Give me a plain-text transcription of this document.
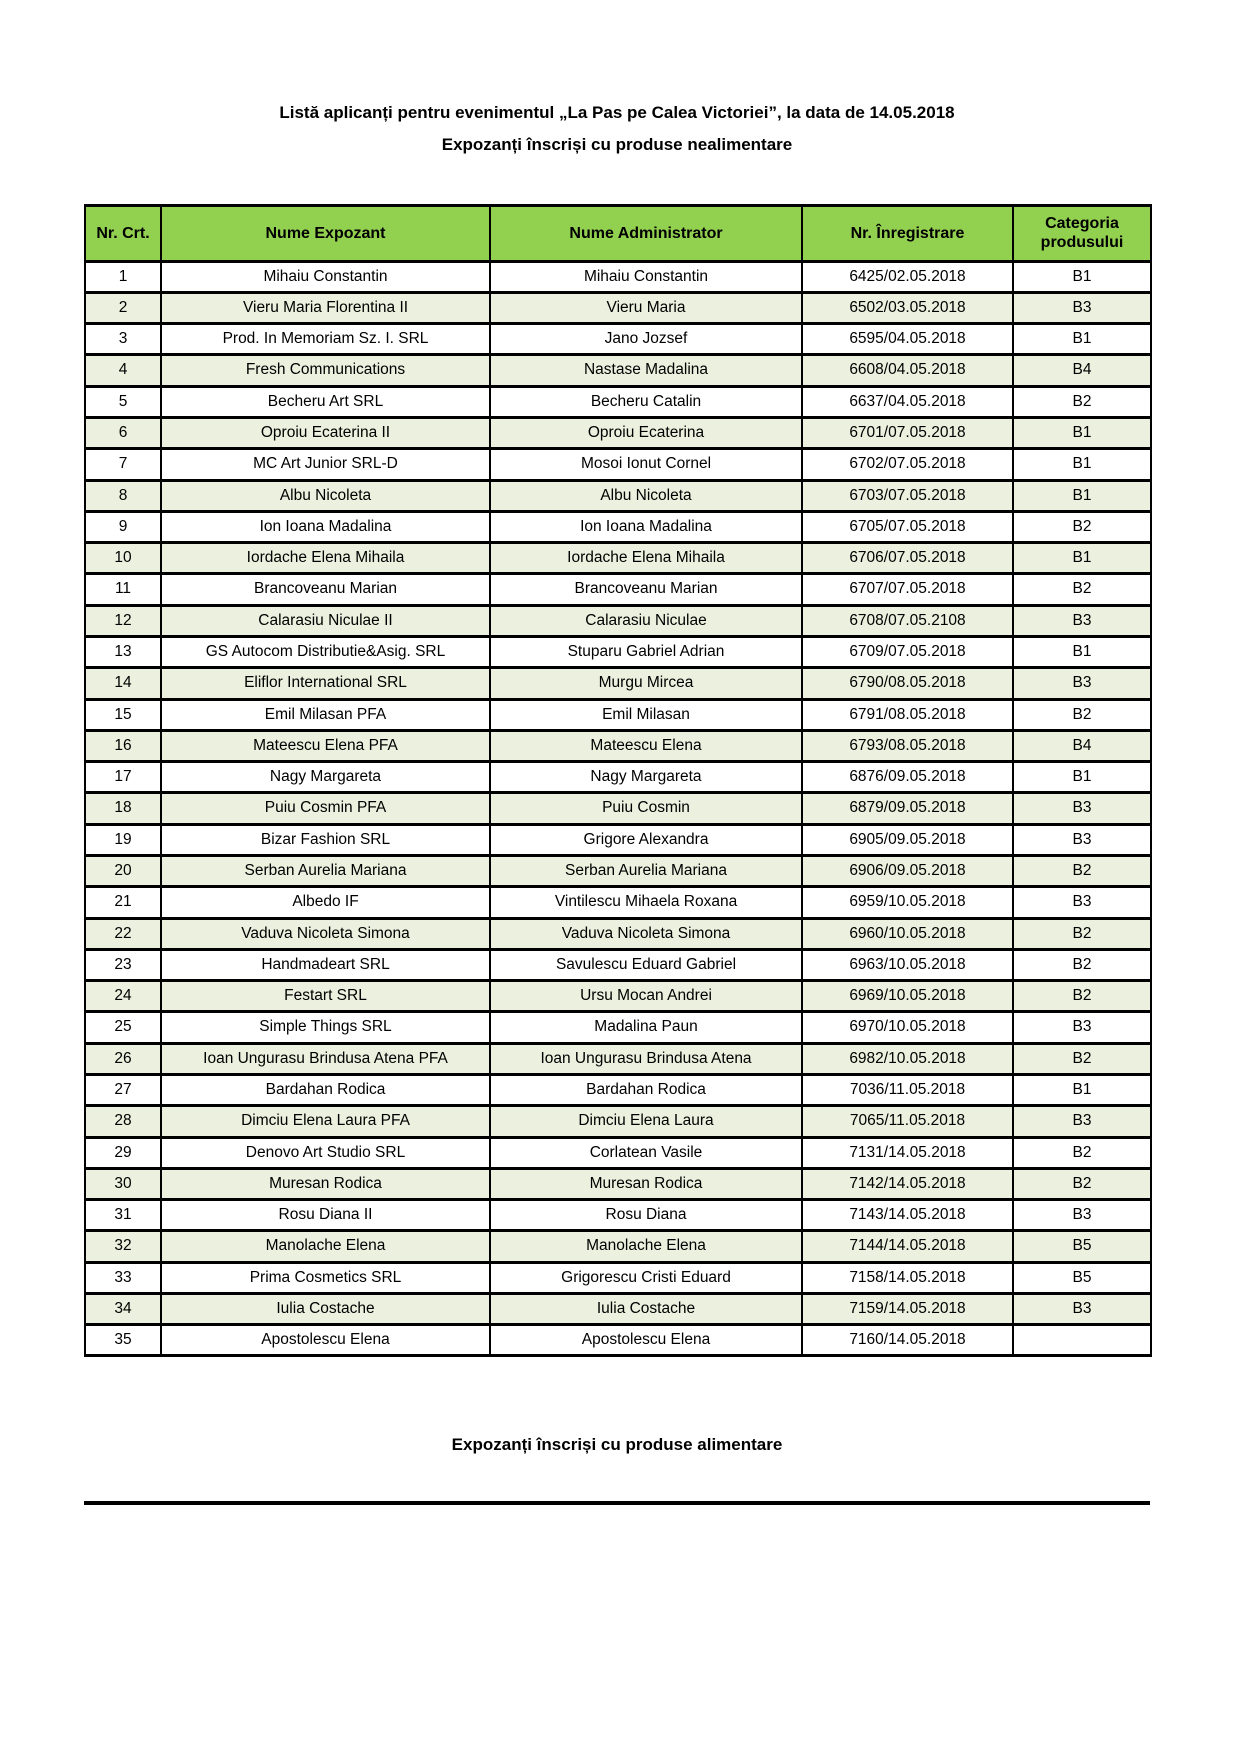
Listă aplicanți pentru evenimentul „La Pas pe Calea Victoriei”, la data de 14.05.2018
Expozanți înscriși cu produse nealimentare
Nr. Crt.	Nume Expozant	Nume Administrator	Nr. Înregistrare	Categoria produsului
1	Mihaiu Constantin	Mihaiu Constantin	6425/02.05.2018	B1
2	Vieru Maria Florentina II	Vieru Maria	6502/03.05.2018	B3
3	Prod. In Memoriam Sz. I. SRL	Jano Jozsef	6595/04.05.2018	B1
4	Fresh Communications	Nastase Madalina	6608/04.05.2018	B4
5	Becheru Art SRL	Becheru Catalin	6637/04.05.2018	B2
6	Oproiu Ecaterina II	Oproiu Ecaterina	6701/07.05.2018	B1
7	MC Art Junior SRL-D	Mosoi Ionut Cornel	6702/07.05.2018	B1
8	Albu Nicoleta	Albu Nicoleta	6703/07.05.2018	B1
9	Ion Ioana Madalina	Ion Ioana Madalina	6705/07.05.2018	B2
10	Iordache Elena Mihaila	Iordache Elena Mihaila	6706/07.05.2018	B1
11	Brancoveanu Marian	Brancoveanu Marian	6707/07.05.2018	B2
12	Calarasiu Niculae II	Calarasiu Niculae	6708/07.05.2108	B3
13	GS Autocom Distributie&Asig. SRL	Stuparu Gabriel Adrian	6709/07.05.2018	B1
14	Eliflor International SRL	Murgu Mircea	6790/08.05.2018	B3
15	Emil Milasan PFA	Emil Milasan	6791/08.05.2018	B2
16	Mateescu Elena PFA	Mateescu Elena	6793/08.05.2018	B4
17	Nagy Margareta	Nagy Margareta	6876/09.05.2018	B1
18	Puiu Cosmin PFA	Puiu Cosmin	6879/09.05.2018	B3
19	Bizar Fashion SRL	Grigore Alexandra	6905/09.05.2018	B3
20	Serban Aurelia Mariana	Serban Aurelia Mariana	6906/09.05.2018	B2
21	Albedo IF	Vintilescu Mihaela Roxana	6959/10.05.2018	B3
22	Vaduva Nicoleta Simona	Vaduva Nicoleta Simona	6960/10.05.2018	B2
23	Handmadeart SRL	Savulescu Eduard Gabriel	6963/10.05.2018	B2
24	Festart SRL	Ursu Mocan Andrei	6969/10.05.2018	B2
25	Simple Things SRL	Madalina Paun	6970/10.05.2018	B3
26	Ioan Ungurasu Brindusa Atena PFA	Ioan Ungurasu Brindusa Atena	6982/10.05.2018	B2
27	Bardahan Rodica	Bardahan Rodica	7036/11.05.2018	B1
28	Dimciu Elena Laura PFA	Dimciu Elena Laura	7065/11.05.2018	B3
29	Denovo Art Studio SRL	Corlatean Vasile	7131/14.05.2018	B2
30	Muresan Rodica	Muresan Rodica	7142/14.05.2018	B2
31	Rosu Diana II	Rosu Diana	7143/14.05.2018	B3
32	Manolache Elena	Manolache Elena	7144/14.05.2018	B5
33	Prima Cosmetics SRL	Grigorescu Cristi Eduard	7158/14.05.2018	B5
34	Iulia Costache	Iulia Costache	7159/14.05.2018	B3
35	Apostolescu Elena	Apostolescu Elena	7160/14.05.2018	
Expozanți înscriși cu produse alimentare
